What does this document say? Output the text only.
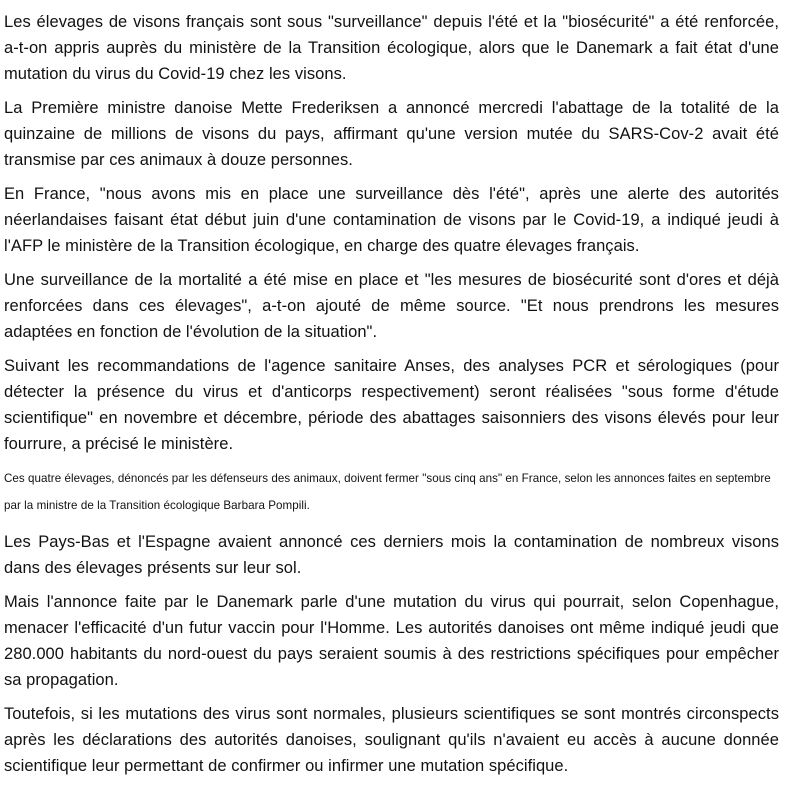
Les élevages de visons français sont sous "surveillance" depuis l'été et la "biosécurité" a été renforcée, a-t-on appris auprès du ministère de la Transition écologique, alors que le Danemark a fait état d'une mutation du virus du Covid-19 chez les visons.

La Première ministre danoise Mette Frederiksen a annoncé mercredi l'abattage de la totalité de la quinzaine de millions de visons du pays, affirmant qu'une version mutée du SARS-Cov-2 avait été transmise par ces animaux à douze personnes.

En France, "nous avons mis en place une surveillance dès l'été", après une alerte des autorités néerlandaises faisant état début juin d'une contamination de visons par le Covid-19, a indiqué jeudi à l'AFP le ministère de la Transition écologique, en charge des quatre élevages français.

Une surveillance de la mortalité a été mise en place et "les mesures de biosécurité sont d'ores et déjà renforcées dans ces élevages", a-t-on ajouté de même source. "Et nous prendrons les mesures adaptées en fonction de l'évolution de la situation".

Suivant les recommandations de l'agence sanitaire Anses, des analyses PCR et sérologiques (pour détecter la présence du virus et d'anticorps respectivement) seront réalisées "sous forme d'étude scientifique" en novembre et décembre, période des abattages saisonniers des visons élevés pour leur fourrure, a précisé le ministère.

Ces quatre élevages, dénoncés par les défenseurs des animaux, doivent fermer "sous cinq ans" en France, selon les annonces faites en septembre par la ministre de la Transition écologique Barbara Pompili.

Les Pays-Bas et l'Espagne avaient annoncé ces derniers mois la contamination de nombreux visons dans des élevages présents sur leur sol.

Mais l'annonce faite par le Danemark parle d'une mutation du virus qui pourrait, selon Copenhague, menacer l'efficacité d'un futur vaccin pour l'Homme. Les autorités danoises ont même indiqué jeudi que 280.000 habitants du nord-ouest du pays seraient soumis à des restrictions spécifiques pour empêcher sa propagation.

Toutefois, si les mutations des virus sont normales, plusieurs scientifiques se sont montrés circonspects après les déclarations des autorités danoises, soulignant qu'ils n'avaient eu accès à aucune donnée scientifique leur permettant de confirmer ou infirmer une mutation spécifique.
